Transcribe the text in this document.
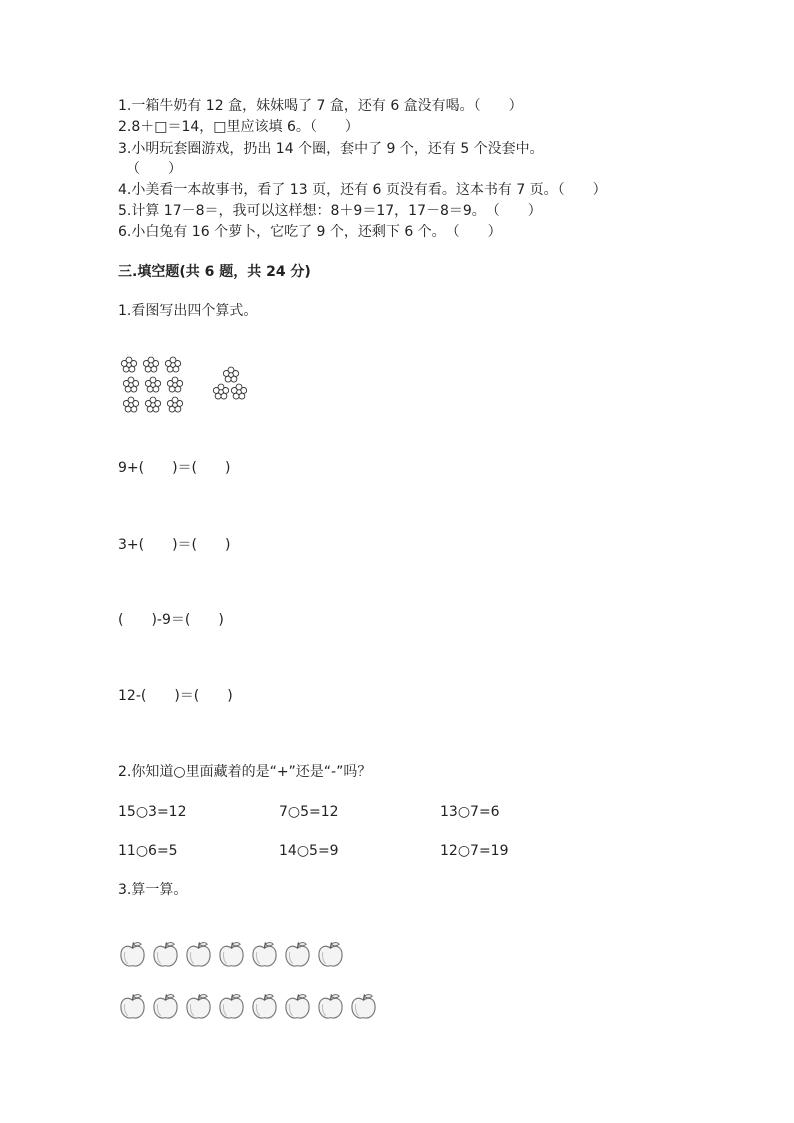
1.一箱牛奶有 12 盒，妹妹喝了 7 盒，还有 6 盒没有喝。（　　）
2.8＋□＝14，□里应该填 6。（　　）
3.小明玩套圈游戏，扔出 14 个圈，套中了 9 个，还有 5 个没套中。
（　　）
4.小美看一本故事书，看了 13 页，还有 6 页没有看。这本书有 7 页。（　　）
5.计算 17－8＝，我可以这样想：8＋9＝17，17－8＝9。　（　　）
6.小白兔有 16 个萝卜，它吃了 9 个，还剩下 6 个。　（　　）
三.填空题(共 6 题，共 24 分)
1.看图写出四个算式。
9+(　　)＝(　　)
3+(　　)＝(　　)
(　　)-9＝(　　)
12-(　　)＝(　　)
2.你知道○里面藏着的是“+”还是“-”吗？
15○3=12	7○5=12	13○7=6
11○6=5	14○5=9	12○7=19
3.算一算。
